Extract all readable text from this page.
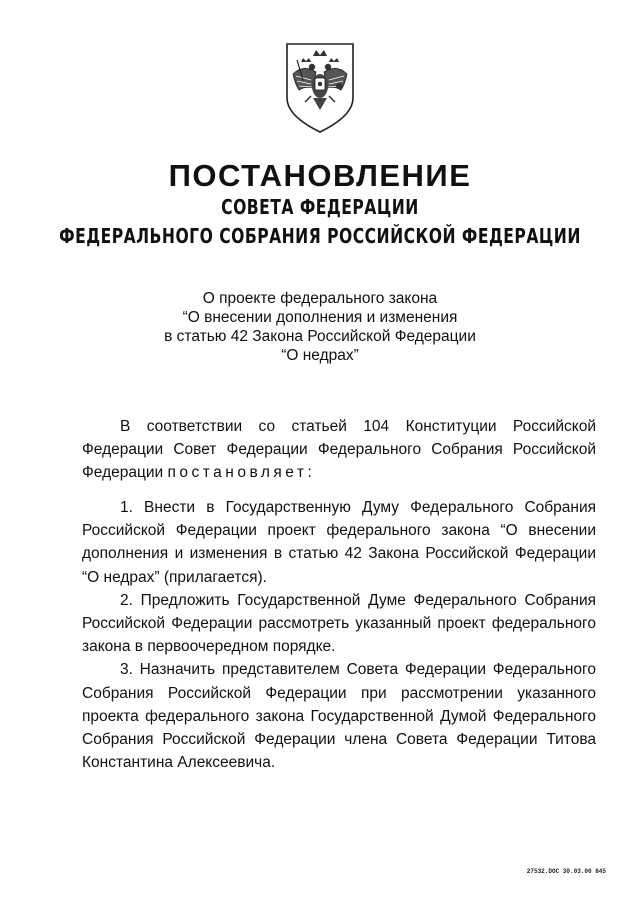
ПОСТАНОВЛЕНИЕ
СОВЕТА ФЕДЕРАЦИИ
ФЕДЕРАЛЬНОГО СОБРАНИЯ РОССИЙСКОЙ ФЕДЕРАЦИИ
О проекте федерального закона
“О внесении дополнения и изменения
в статью 42 Закона Российской Федерации
“О недрах”

В соответствии со статьей 104 Конституции Российской Федерации Совет Федерации Федерального Собрания Российской Федерации постановляет:

1. Внести в Государственную Думу Федерального Собрания Российской Федерации проект федерального закона “О внесении дополнения и изменения в статью 42 Закона Российской Федерации “О недрах” (прилагается).

2. Предложить Государственной Думе Федерального Собрания Российской Федерации рассмотреть указанный проект федерального закона в первоочередном порядке.

3. Назначить представителем Совета Федерации Федерального Собрания Российской Федерации при рассмотрении указанного проекта федерального закона Государственной Думой Федерального Собрания Российской Федерации члена Совета Федерации Титова Константина Алексеевича.

27532.DOC 30.03.00 845
